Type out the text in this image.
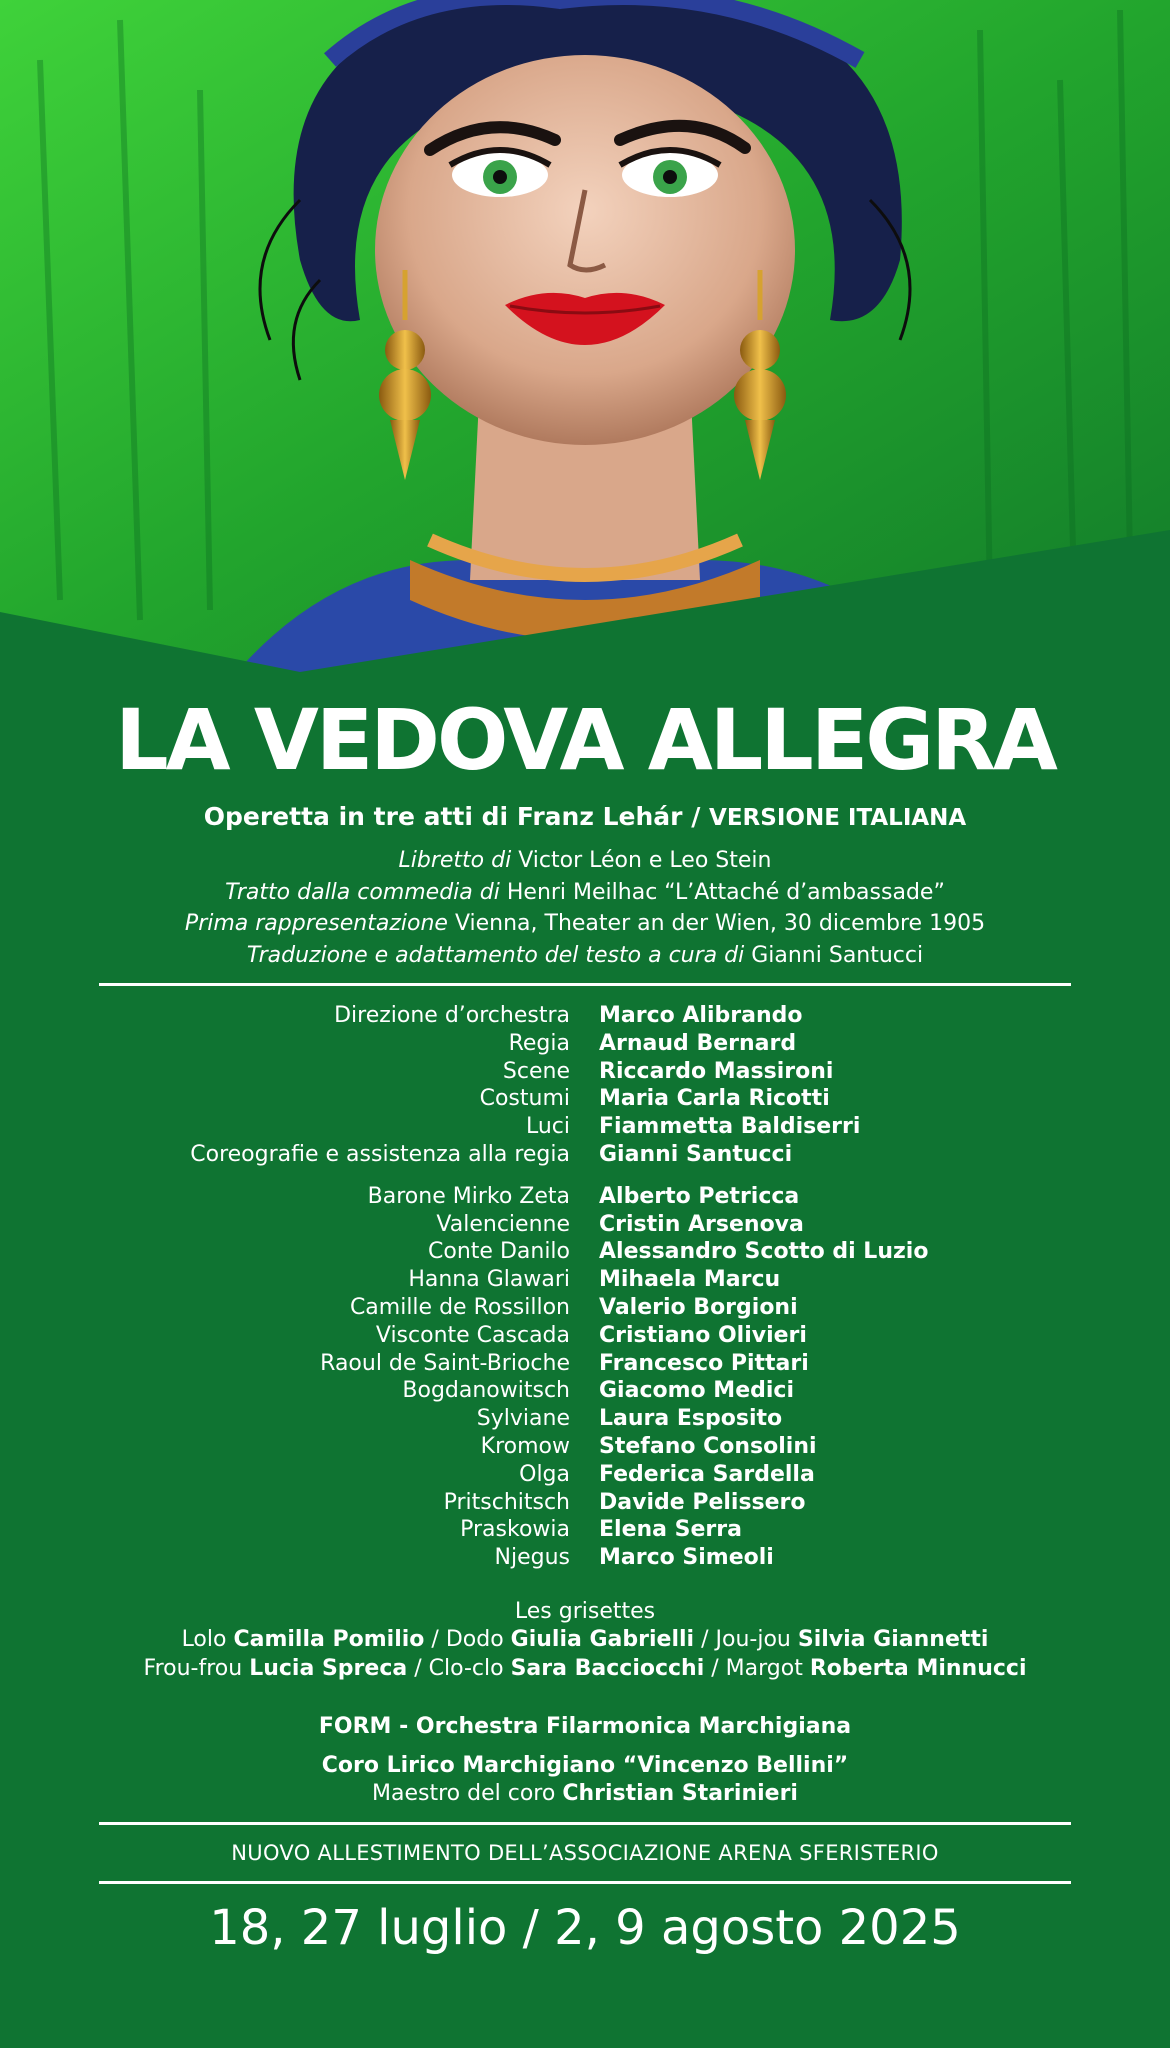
LA VEDOVA ALLEGRA
Operetta in tre atti di Franz Lehár / VERSIONE ITALIANA
Libretto di Victor Léon e Leo Stein
Tratto dalla commedia di Henri Meilhac “L’Attaché d’ambassade”
Prima rappresentazione Vienna, Theater an der Wien, 30 dicembre 1905
Traduzione e adattamento del testo a cura di Gianni Santucci
Direzione d’orchestra	Marco Alibrando
Regia	Arnaud Bernard
Scene	Riccardo Massironi
Costumi	Maria Carla Ricotti
Luci	Fiammetta Baldiserri
Coreografie e assistenza alla regia	Gianni Santucci
Barone Mirko Zeta	Alberto Petricca
Valencienne	Cristin Arsenova
Conte Danilo	Alessandro Scotto di Luzio
Hanna Glawari	Mihaela Marcu
Camille de Rossillon	Valerio Borgioni
Visconte Cascada	Cristiano Olivieri
Raoul de Saint-Brioche	Francesco Pittari
Bogdanowitsch	Giacomo Medici
Sylviane	Laura Esposito
Kromow	Stefano Consolini
Olga	Federica Sardella
Pritschitsch	Davide Pelissero
Praskowia	Elena Serra
Njegus	Marco Simeoli
Les grisettes
Lolo Camilla Pomilio / Dodo Giulia Gabrielli / Jou-jou Silvia Giannetti
Frou-frou Lucia Spreca / Clo-clo Sara Bacciocchi / Margot Roberta Minnucci
FORM - Orchestra Filarmonica Marchigiana
Coro Lirico Marchigiano “Vincenzo Bellini”
Maestro del coro Christian Starinieri
NUOVO ALLESTIMENTO DELL’ASSOCIAZIONE ARENA SFERISTERIO
18, 27 luglio / 2, 9 agosto 2025
